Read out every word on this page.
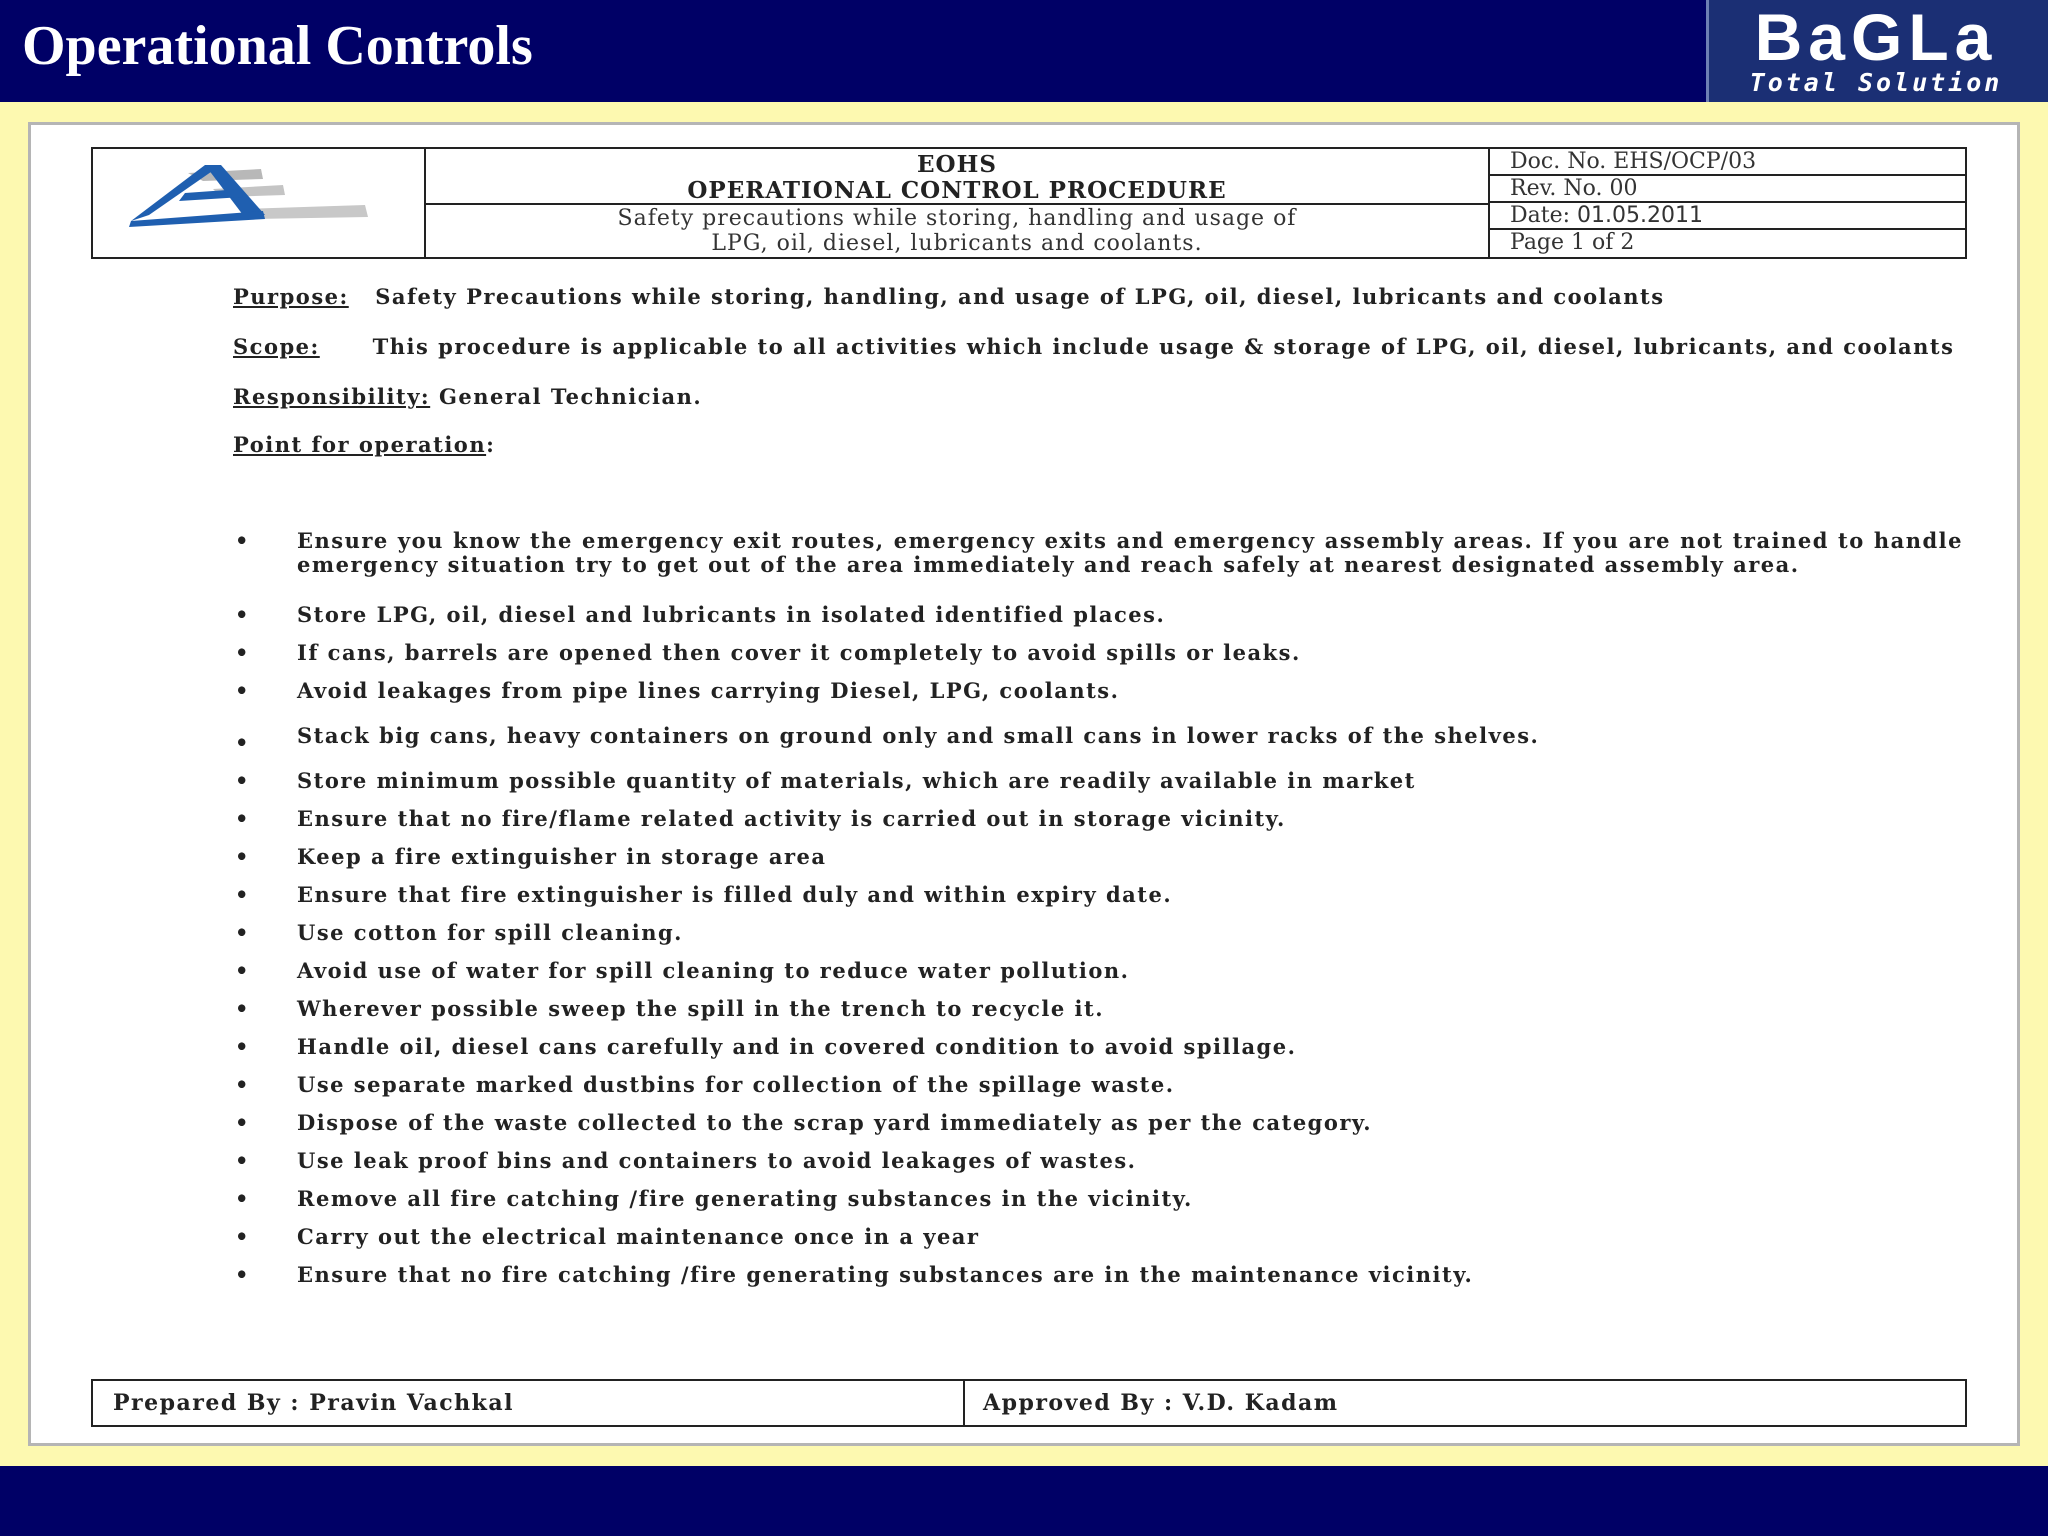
Operational Controls	BaGLa
Total Solution
EOHS
OPERATIONAL CONTROL PROCEDURE
Safety precautions while storing, handling and usage of
LPG, oil, diesel, lubricants and coolants.
Doc. No. EHS/OCP/03
Rev. No. 00
Date: 01.05.2011
Page 1 of 2

Purpose: Safety Precautions while storing, handling, and usage of LPG, oil, diesel, lubricants and coolants

Scope:	This procedure is applicable to all activities which include usage & storage of LPG, oil, diesel, lubricants, and coolants

Responsibility: General Technician.

Point for operation:

• Ensure you know the emergency exit routes, emergency exits and emergency assembly areas. If you are not trained to handle emergency situation try to get out of the area immediately and reach safely at nearest designated assembly area.
• Store LPG, oil, diesel and lubricants in isolated identified places.
• If cans, barrels are opened then cover it completely to avoid spills or leaks.
• Avoid leakages from pipe lines carrying Diesel, LPG, coolants.
• Stack big cans, heavy containers on ground only and small cans in lower racks of the shelves.
• Store minimum possible quantity of materials, which are readily available in market
• Ensure that no fire/flame related activity is carried out in storage vicinity.
• Keep a fire extinguisher in storage area
• Ensure that fire extinguisher is filled duly and within expiry date.
• Use cotton for spill cleaning.
• Avoid use of water for spill cleaning to reduce water pollution.
• Wherever possible sweep the spill in the trench to recycle it.
• Handle oil, diesel cans carefully and in covered condition to avoid spillage.
• Use separate marked dustbins for collection of the spillage waste.
• Dispose of the waste collected to the scrap yard immediately as per the category.
• Use leak proof bins and containers to avoid leakages of wastes.
• Remove all fire catching /fire generating substances in the vicinity.
• Carry out the electrical maintenance once in a year
• Ensure that no fire catching /fire generating substances are in the maintenance vicinity.
Prepared By : Pravin Vachkal	Approved By : V.D. Kadam
